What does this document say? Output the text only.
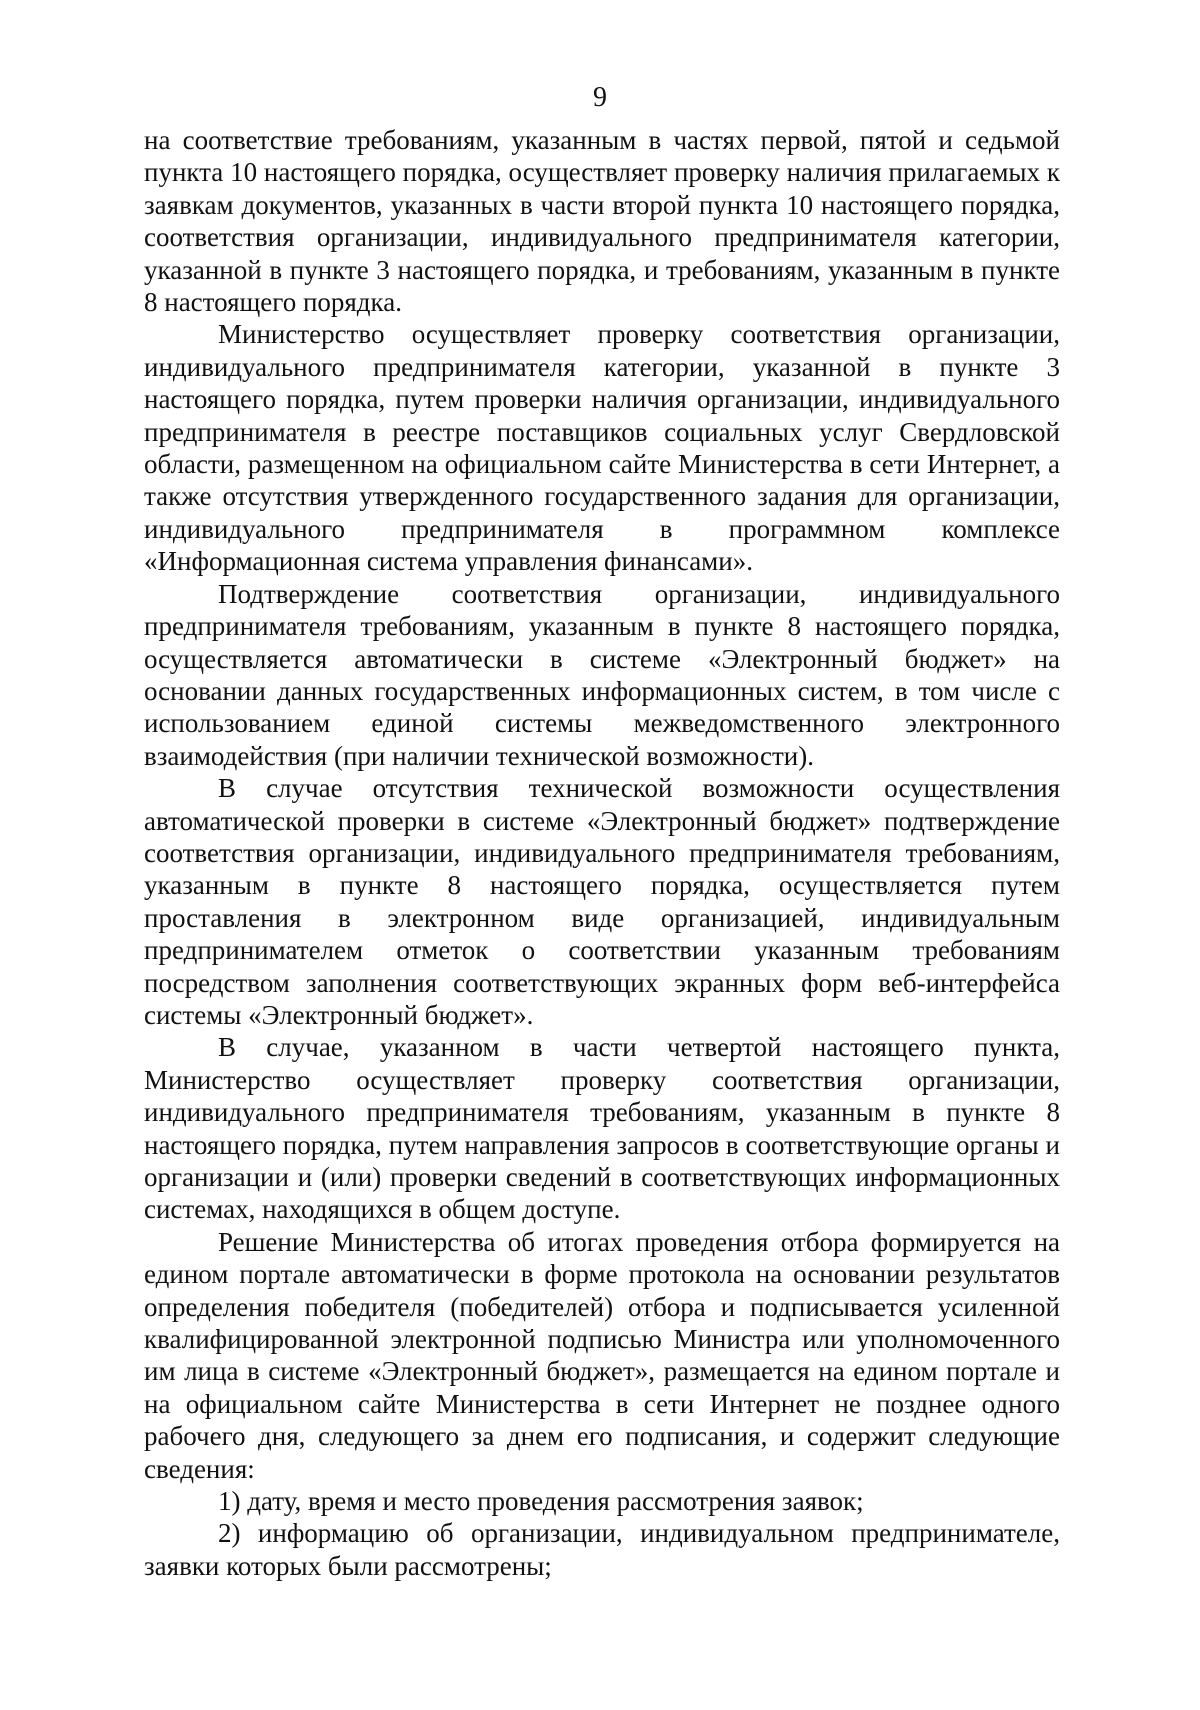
9

на соответствие требованиям, указанным в частях первой, пятой и седьмой пункта 10 настоящего порядка, осуществляет проверку наличия прилагаемых к заявкам документов, указанных в части второй пункта 10 настоящего порядка, соответствия организации, индивидуального предпринимателя категории, указанной в пункте 3 настоящего порядка, и требованиям, указанным в пункте 8 настоящего порядка.

Министерство осуществляет проверку соответствия организации, индивидуального предпринимателя категории, указанной в пункте 3 настоящего порядка, путем проверки наличия организации, индивидуального предпринимателя в реестре поставщиков социальных услуг Свердловской области, размещенном на официальном сайте Министерства в сети Интернет, а также отсутствия утвержденного государственного задания для организации, индивидуального предпринимателя в программном комплексе «Информационная система управления финансами».

Подтверждение соответствия организации, индивидуального предпринимателя требованиям, указанным в пункте 8 настоящего порядка, осуществляется автоматически в системе «Электронный бюджет» на основании данных государственных информационных систем, в том числе с использованием единой системы межведомственного электронного взаимодействия (при наличии технической возможности).

В случае отсутствия технической возможности осуществления автоматической проверки в системе «Электронный бюджет» подтверждение соответствия организации, индивидуального предпринимателя требованиям, указанным в пункте 8 настоящего порядка, осуществляется путем проставления в электронном виде организацией, индивидуальным предпринимателем отметок о соответствии указанным требованиям посредством заполнения соответствующих экранных форм веб-интерфейса системы «Электронный бюджет».

В случае, указанном в части четвертой настоящего пункта, Министерство осуществляет проверку соответствия организации, индивидуального предпринимателя требованиям, указанным в пункте 8 настоящего порядка, путем направления запросов в соответствующие органы и организации и (или) проверки сведений в соответствующих информационных системах, находящихся в общем доступе.

Решение Министерства об итогах проведения отбора формируется на едином портале автоматически в форме протокола на основании результатов определения победителя (победителей) отбора и подписывается усиленной квалифицированной электронной подписью Министра или уполномоченного им лица в системе «Электронный бюджет», размещается на едином портале и на официальном сайте Министерства в сети Интернет не позднее одного рабочего дня, следующего за днем его подписания, и содержит следующие сведения:

1) дату, время и место проведения рассмотрения заявок;

2) информацию об организации, индивидуальном предпринимателе, заявки которых были рассмотрены;
